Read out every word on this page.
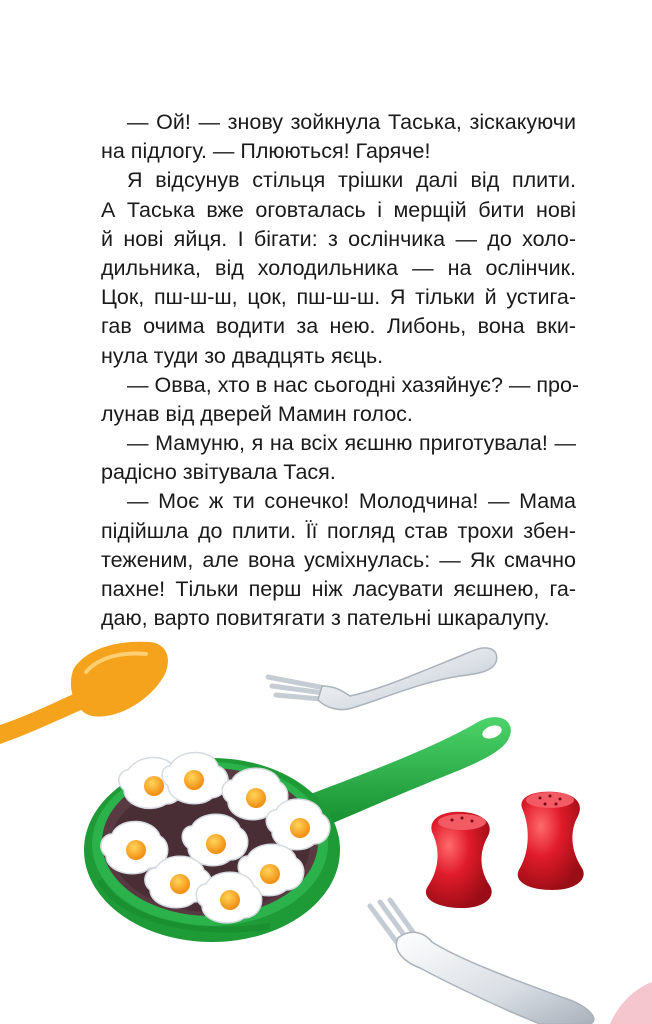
— Ой! — знову зойкнула Таська, зіскакуючи
на підлогу. — Плюються! Гаряче!
Я відсунув стільця трішки далі від плити.
А Таська вже оговталась і мерщій бити нові
й нові яйця. І бігати: з ослінчика — до холо-
дильника, від холодильника — на ослінчик.
Цок, пш-ш-ш, цок, пш-ш-ш. Я тільки й устига-
гав очима водити за нею. Либонь, вона вки-
нула туди зо двадцять яєць.
— Овва, хто в нас сьогодні хазяйнує? — про-
лунав від дверей Мамин голос.
— Мамуню, я на всіх яєшню приготувала! —
радісно звітувала Тася.
— Моє ж ти сонечко! Молодчина! — Мама
підійшла до плити. Її погляд став трохи збен-
теженим, але вона усміхнулась: — Як смачно
пахне! Тільки перш ніж ласувати яєшнею, га-
даю, варто повитягати з пательні шкаралупу.
